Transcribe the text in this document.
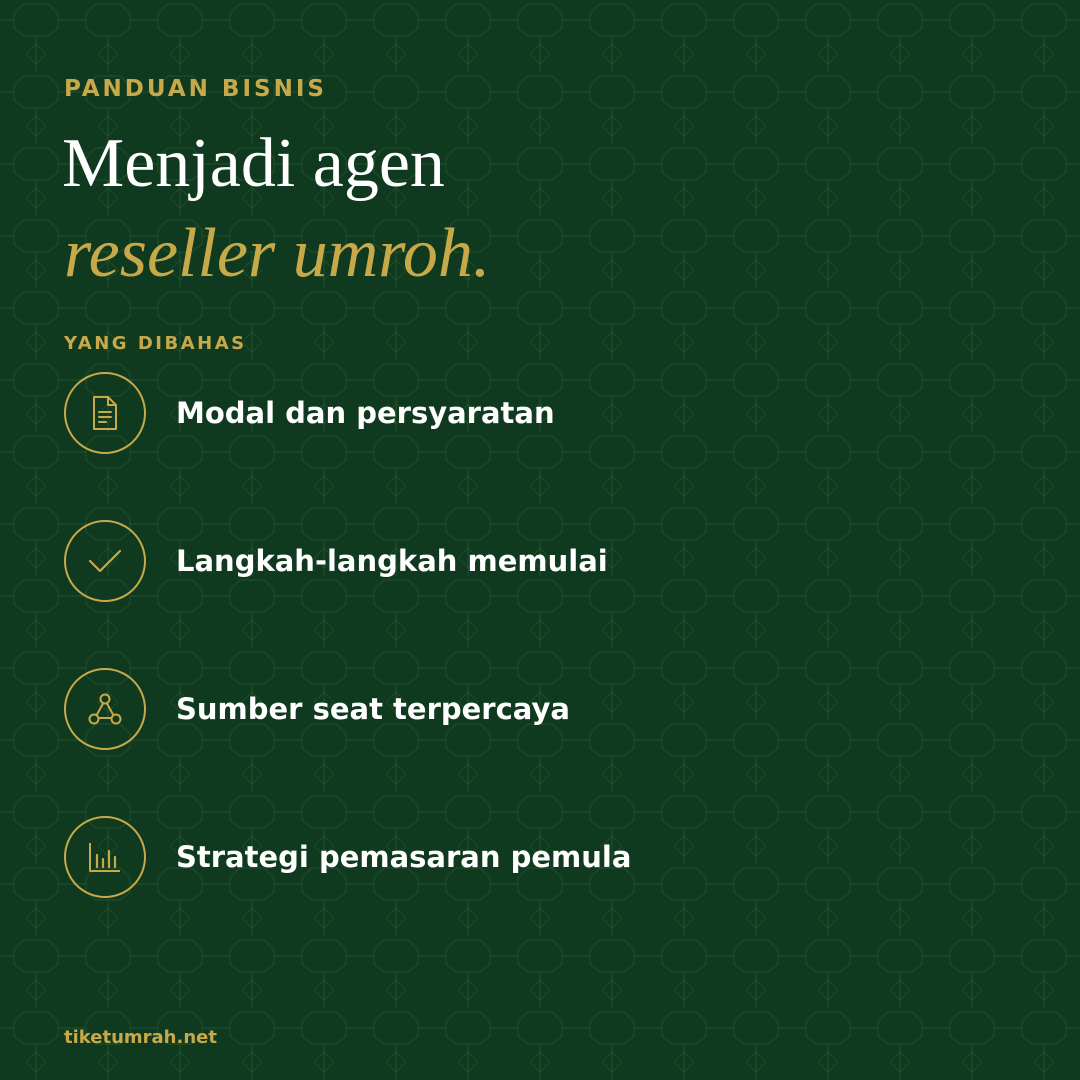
PANDUAN BISNIS
Menjadi agen
reseller umroh.
YANG DIBAHAS
Modal dan persyaratan
Langkah-langkah memulai
Sumber seat terpercaya
Strategi pemasaran pemula
tiketumrah.net
